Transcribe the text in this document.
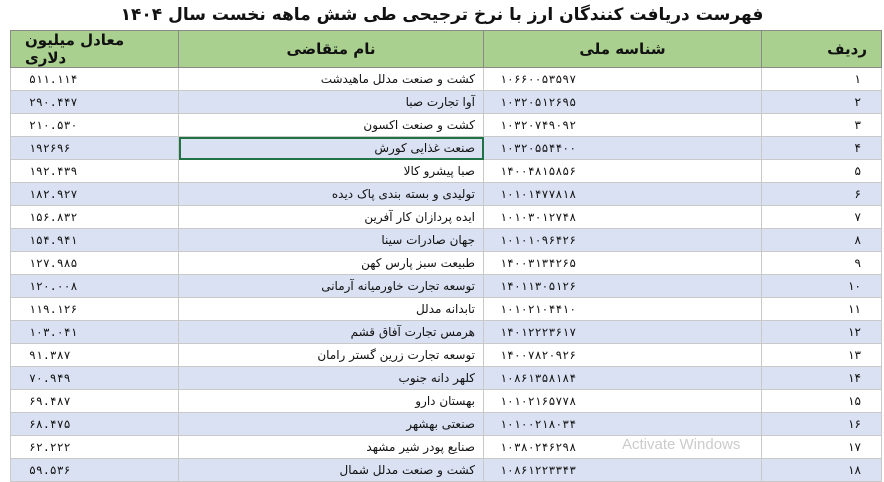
فهرست دریافت کنندگان ارز با نرخ ترجیحی طی شش ماهه نخست سال ۱۴۰۴
ردیف	شناسه ملی	نام متقاضی	معادل میلیون دلاری
۱	۱۰۶۶۰۰۵۳۵۹۷	کشت و صنعت مدلل ماهیدشت	۵۱۱.۱۱۴
۲	۱۰۳۲۰۵۱۲۶۹۵	آوا تجارت صبا	۲۹۰.۴۴۷
۳	۱۰۳۲۰۷۴۹۰۹۲	کشت و صنعت اکسون	۲۱۰.۵۳۰
۴	۱۰۳۲۰۵۵۴۴۰۰	صنعت غذایی کورش	۱۹۲۶۹۶
۵	۱۴۰۰۴۸۱۵۸۵۶	صبا پیشرو کالا	۱۹۲.۴۳۹
۶	۱۰۱۰۱۴۷۷۸۱۸	تولیدی و بسته بندی پاک دیده	۱۸۲.۹۲۷
۷	۱۰۱۰۳۰۱۲۷۴۸	ایده پردازان کار آفرین	۱۵۶.۸۳۲
۸	۱۰۱۰۱۰۹۶۴۲۶	جهان صادرات سینا	۱۵۴.۹۴۱
۹	۱۴۰۰۳۱۳۴۲۶۵	طبیعت سبز پارس کهن	۱۲۷.۹۸۵
۱۰	۱۴۰۱۱۳۰۵۱۲۶	توسعه تجارت خاورمیانه آرمانی	۱۲۰.۰۰۸
۱۱	۱۰۱۰۲۱۰۴۴۱۰	تابدانه مدلل	۱۱۹.۱۲۶
۱۲	۱۴۰۱۲۲۲۳۶۱۷	هرمس تجارت آفاق قشم	۱۰۳.۰۴۱
۱۳	۱۴۰۰۷۸۲۰۹۲۶	توسعه تجارت زرین گستر رامان	۹۱.۳۸۷
۱۴	۱۰۸۶۱۳۵۸۱۸۴	کلهر دانه جنوب	۷۰.۹۴۹
۱۵	۱۰۱۰۲۱۶۵۷۷۸	بهستان دارو	۶۹.۴۸۷
۱۶	۱۰۱۰۰۲۱۸۰۳۴	صنعتی بهشهر	۶۸.۴۷۵
۱۷	۱۰۳۸۰۲۴۶۲۹۸	صنایع پودر شیر مشهد	۶۲.۲۲۲
۱۸	۱۰۸۶۱۲۲۳۳۴۳	کشت و صنعت مدلل شمال	۵۹.۵۳۶
Activate Windows
